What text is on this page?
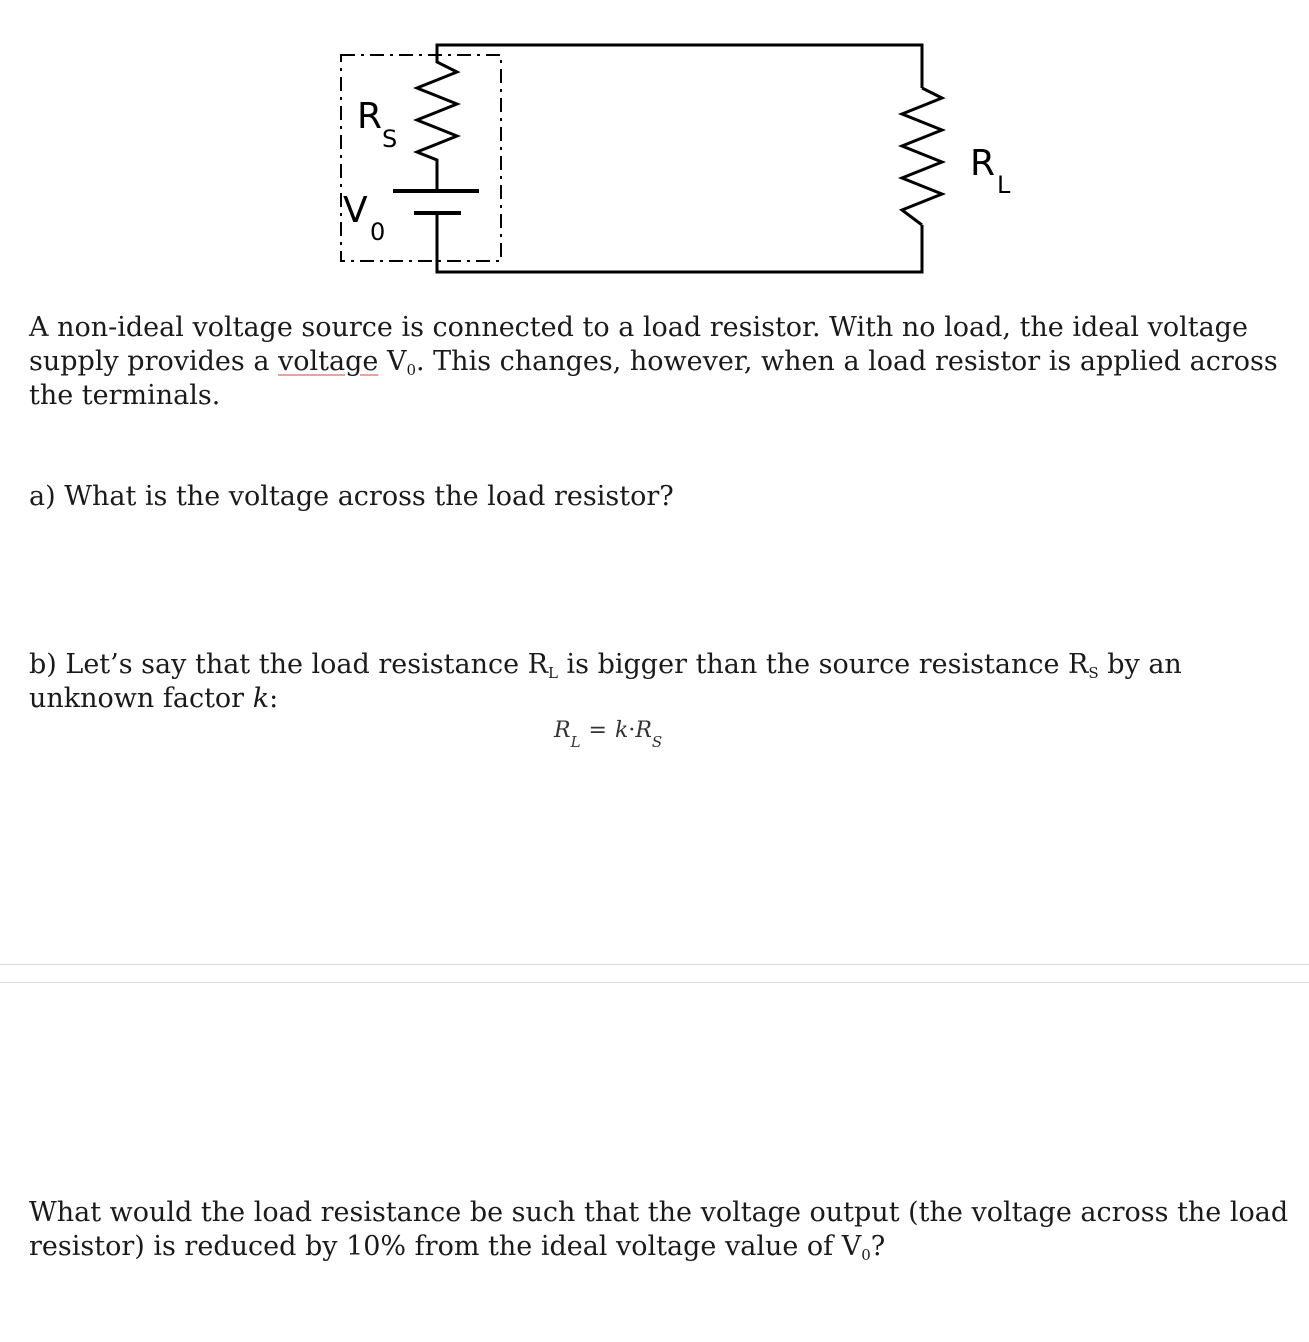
R
S
V
0
R
L

A non-ideal voltage source is connected to a load resistor. With no load, the ideal voltage supply provides a voltage $V_0$. This changes, however, when a load resistor is applied across the terminals.

a) What is the voltage across the load resistor?

b) Let’s say that the load resistance $R_L$ is bigger than the source resistance $R_S$ by an unknown factor k:

$R_L = k\cdot R_S$

What would the load resistance be such that the voltage output (the voltage across the load resistor) is reduced by 10% from the ideal voltage value of $V_0$?
